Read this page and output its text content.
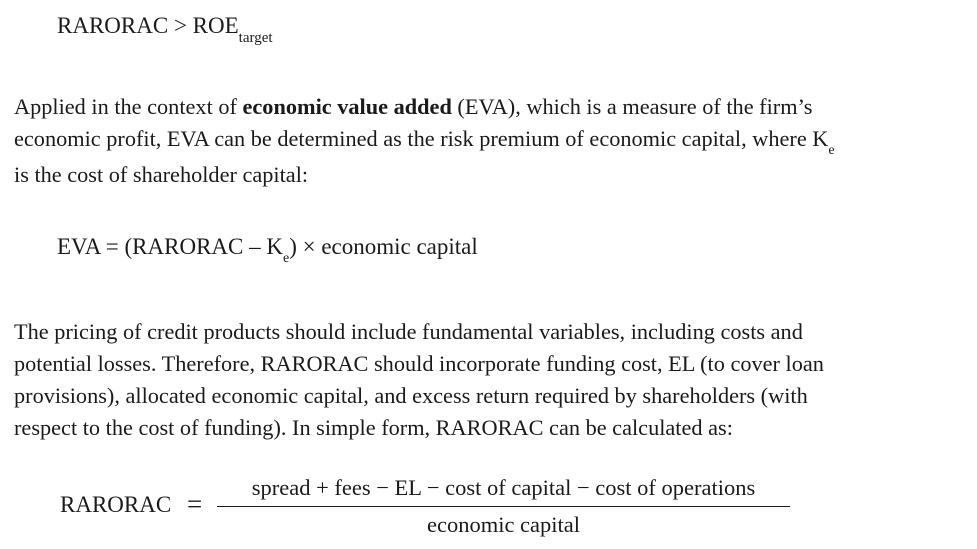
RARORAC > $ROE_{target}$

Applied in the context of economic value added (EVA), which is a measure of the firm’s
economic profit, EVA can be determined as the risk premium of economic capital, where $K_e$
is the cost of shareholder capital:

EVA = (RARORAC – $K_e$) × economic capital

The pricing of credit products should include fundamental variables, including costs and
potential losses. Therefore, RARORAC should incorporate funding cost, EL (to cover loan
provisions), allocated economic capital, and excess return required by shareholders (with
respect to the cost of funding). In simple form, RARORAC can be calculated as:

RARORAC =
spread + fees − EL − cost of capital − cost of operations
economic capital
